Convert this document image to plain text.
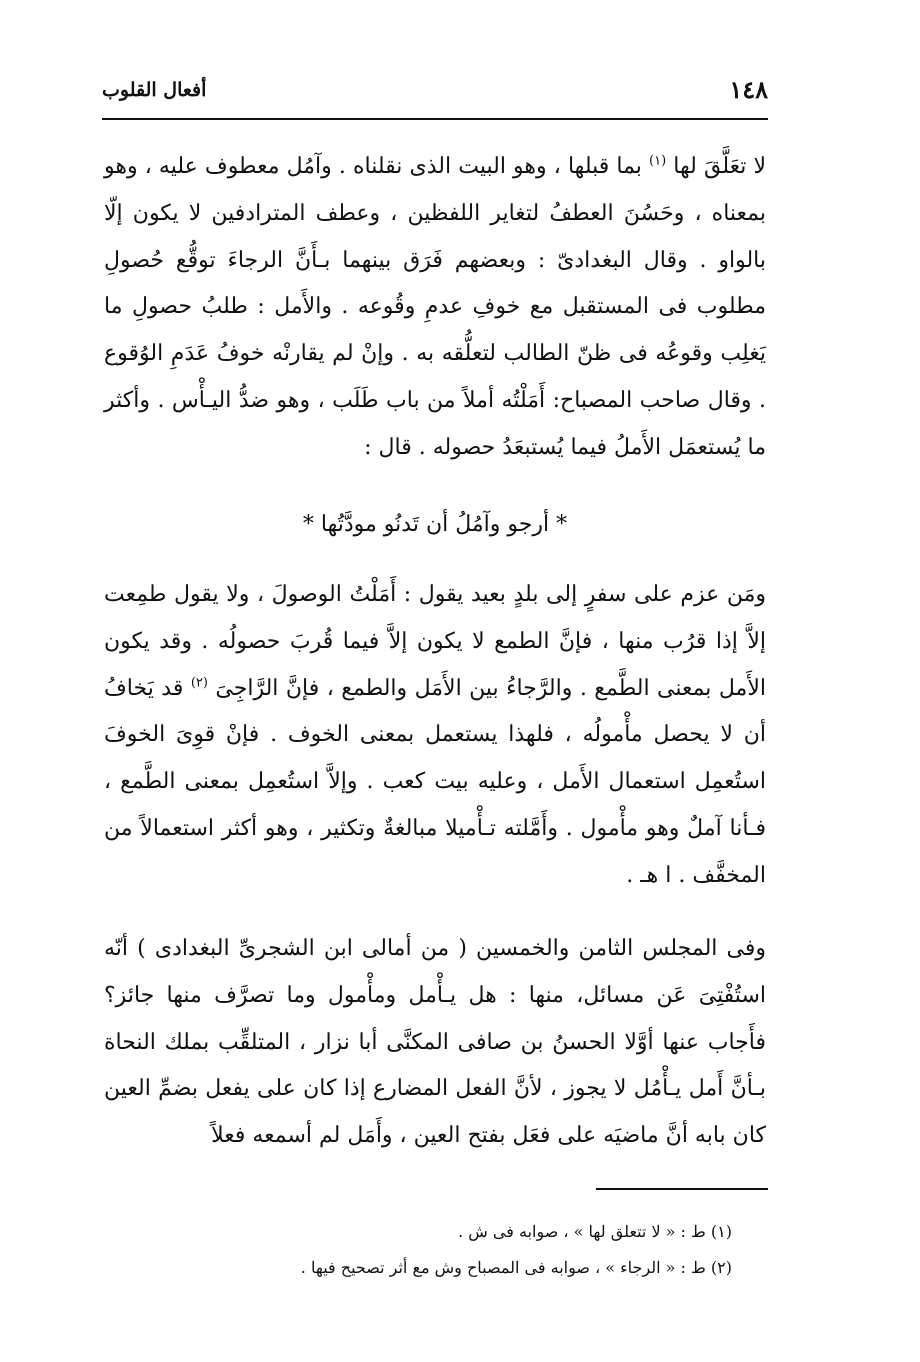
١٤٨
أفعال القلوب

لا تعَلَّقَ لها $^{(١)}$ بما قبلها ، وهو البيت الذى نقلناه . وآمُل معطوف عليه ، وهو بمعناه ، وحَسُنَ العطفُ لتغاير اللفظين ، وعطف المترادفين لا يكون إلّا بالواو . وقال البغدادىّ : وبعضهم فَرَق بينهما بـأَنَّ الرجاءَ توقُّع حُصولِ مطلوب فى المستقبل مع خوفِ عدمِ وقُوعه . والأَمل : طلبُ حصولِ ما يَغلِب وقوعُه فى ظنّ الطالب لتعلُّقه به . وإنْ لم يقارنْه خوفُ عَدَمِ الوُقوع . وقال صاحب المصباح: أَمَلْتُه أملاً من باب طَلَب ، وهو ضدُّ اليـأْس . وأكثر ما يُستعمَل الأَملُ فيما يُستبعَدُ حصوله . قال :

* أرجو وآمُلُ أن تَدنُو مودَّتُها *

ومَن عزم على سفرٍ إلى بلدٍ بعيد يقول : أَمَلْتُ الوصولَ ، ولا يقول طمِعت إلاَّ إذا قرُب منها ، فإنَّ الطمع لا يكون إلاَّ فيما قُربَ حصولُه . وقد يكون الأَمل بمعنى الطَّمع . والرَّجاءُ بين الأَمَل والطمع ، فإنَّ الرَّاجِىَ $^{(٢)}$ قد يَخافُ أن لا يحصل مأْمولُه ، فلهذا يستعمل بمعنى الخوف . فإنْ قوِىَ الخوفَ استُعمِل استعمال الأَمل ، وعليه بيت كعب . وإلاَّ استُعمِل بمعنى الطَّمع ، فـأنا آملٌ وهو مأْمول . وأَمَّلته تـأْميلا مبالغةٌ وتكثير ، وهو أكثر استعمالاً من المخفَّف . ا هـ .

وفى المجلس الثامن والخمسين ( من أمالى ابن الشجرىِّ البغدادى ) أنّه استُفْتِىَ عَن مسائل، منها : هل يـأْمل ومأْمول وما تصرَّف منها جائز؟ فأَجاب عنها أوَّلا الحسنُ بن صافى المكنَّى أبا نزار ، المتلقِّب بملك النحاة بـأنَّ أَمل يـأْمُل لا يجوز ، لأنَّ الفعل المضارع إذا كان على يفعل بضمِّ العين كان بابه أنَّ ماضيَه على فعَل بفتح العين ، وأَمَل لم أسمعه فعلاً

(١) ط : « لا تتعلق لها » ، صوابه فى ش .
(٢) ط : « الرجاء » ، صوابه فى المصباح وش مع أثر تصحيح فيها .
